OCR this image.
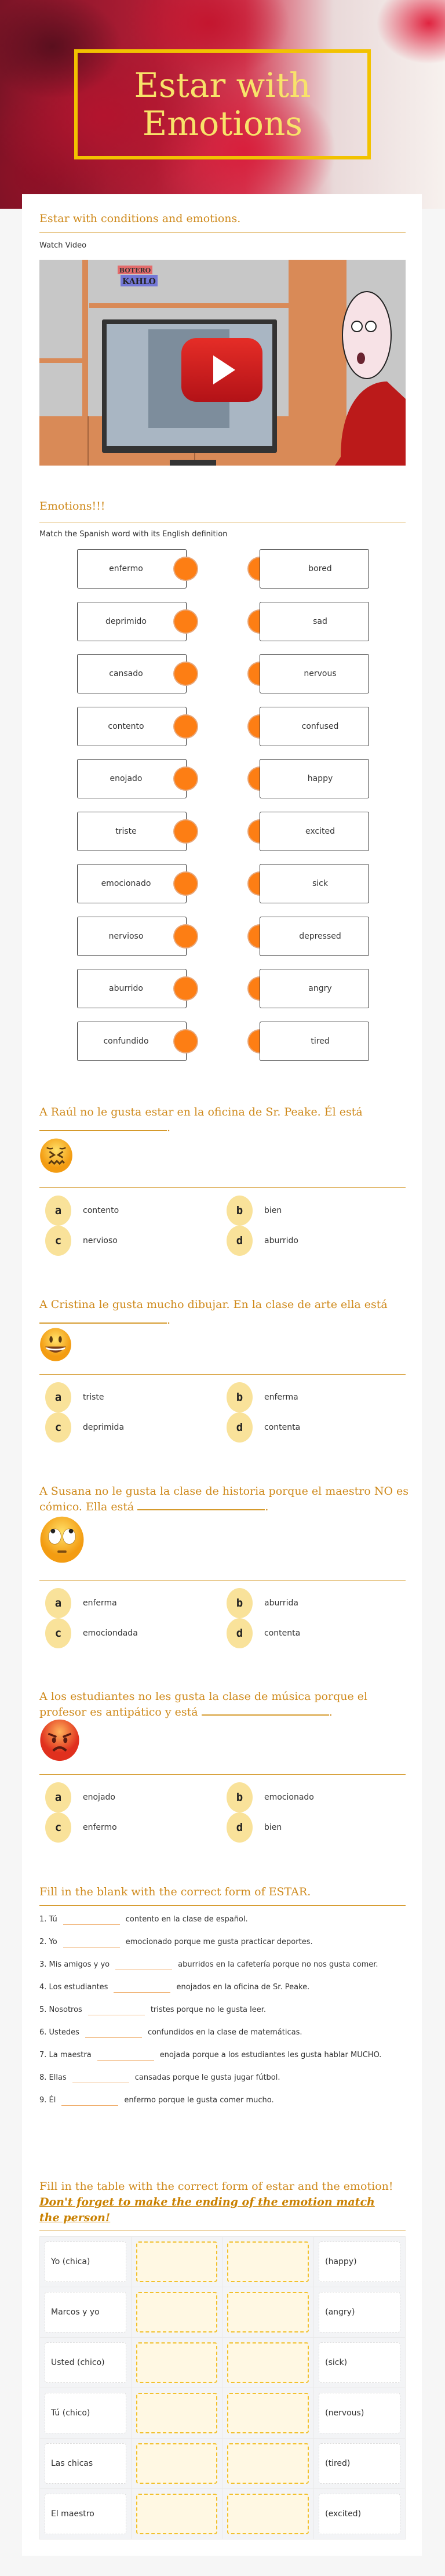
Estar with Emotions
Estar with conditions and emotions.
Watch Video
BOTERO
KAHLO
Emotions!!!
Match the Spanish word with its English definition
enfermo	bored
deprimido	sad
cansado	nervous
contento	confused
enojado	happy
triste	excited
emocionado	sick
nervioso	depressed
aburrido	angry
confundido	tired
A Raúl no le gusta estar en la oficina de Sr. Peake. Él está .
a	contento	b	bien
c	nervioso	d	aburrido
A Cristina le gusta mucho dibujar. En la clase de arte ella está .
a	triste	b	enferma
c	deprimida	d	contenta
A Susana no le gusta la clase de historia porque el maestro NO es cómico. Ella está	.
a	enferma	b	aburrida
c	emociondada	d	contenta
A los estudiantes no les gusta la clase de música porque el profesor es antipático y está	.
a	enojado	b	emocionado
c	enfermo	d	bien
Fill in the blank with the correct form of ESTAR.

1. Tú	contento en la clase de español.

2. Yo	emocionado porque me gusta practicar deportes.

3. Mis amigos y yo	aburridos en la cafetería porque no nos gusta comer.

4. Los estudiantes	enojados en la oficina de Sr. Peake.

5. Nosotros	tristes porque no le gusta leer.

6. Ustedes	confundidos en la clase de matemáticas.

7. La maestra	enojada porque a los estudiantes les gusta hablar MUCHO.

8. Ellas	cansadas porque le gusta jugar fútbol.

9. Él	enfermo porque le gusta comer mucho.

Fill in the table with the correct form of estar and the emotion! Don't forget to make the ending of the emotion match the person!
Yo (chica)			(happy)

Marcos y yo			(angry)

Usted (chico)			(sick)

Tú (chico)			(nervous)

Las chicas			(tired)

El maestro			(excited)
